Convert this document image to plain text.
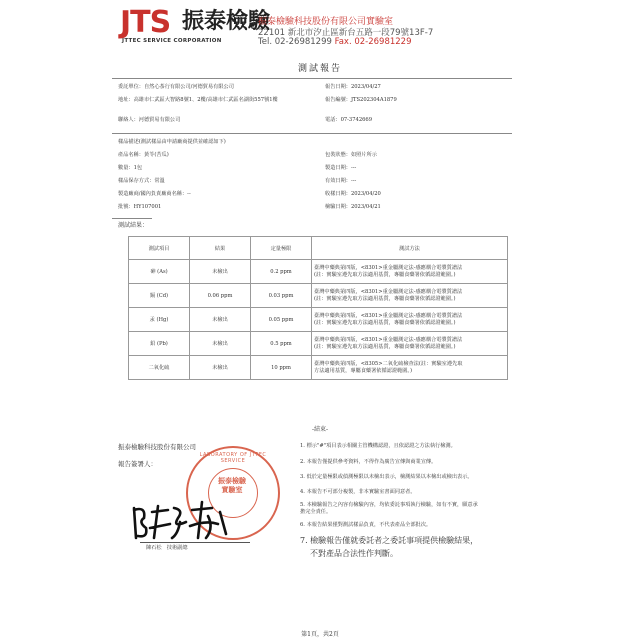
JTS 振泰檢驗
JTTEC SERVICE CORPORATION
振泰檢驗科技股份有限公司實驗室
22101 新北市汐止區新台五路一段79號13F-7
Tel. 02-26981299 Fax. 02-26981229
測試報告
委託單位：自然心茶行有限公司/河德貿易有限公司	報告日期：2023/04/27
地址：高雄市仁武區大智路8號1、2樓/高雄市仁武區名湖街557號1樓	報告編號：JTS202304A1879
聯絡人：河德貿易有限公司	電話：07-3742669
樣品描述(測試樣品由申請廠商提供並確認如下)
產品名稱：黃苓(苦瓜)	包裝狀態：如照片所示
數量：1包	製造日期：---
樣品保存方式：常溫	有效日期：---
製造廠商/國內負責廠商名稱：--	收樣日期：2023/04/20
批號：HY107001	檢驗日期：2023/04/21
測試結果：
測試項目	結果	定量極限	測試方法
砷 (As)	未檢出	0.2 ppm	臺灣中藥典第四版，<8301>重金屬測定法-感應耦合電漿質譜法
(註：實驗室遵先取方法適用基質，專屬食藥署依循認證範圍。)

鎘 (Cd)	0.06 ppm	0.03 ppm	臺灣中藥典第四版，<8301>重金屬測定法-感應耦合電漿質譜法
(註：實驗室遵先取方法適用基質，專屬食藥署依循認證範圍。)

汞 (Hg)	未檢出	0.05 ppm	臺灣中藥典第四版，<8301>重金屬測定法-感應耦合電漿質譜法
(註：實驗室遵先取方法適用基質，專屬食藥署依循認證範圍。)

鉛 (Pb)	未檢出	0.5 ppm	臺灣中藥典第四版，<8301>重金屬測定法-感應耦合電漿質譜法
(註：實驗室遵先取方法適用基質，專屬食藥署依循認證範圍。)

二氧化硫	未檢出	10 ppm	臺灣中藥典第四版，<8305>二氧化硫檢查法(註：實驗室遵先取
方法適用基質，專屬食藥署依循認證範圍。)
-結束-
振泰檢驗科技股份有限公司
報告簽署人：
LABORATORY OF JTTEC SERVICE
振泰檢驗
實驗室
陳石松　技術副總
1. 標示"#"項目表示相關主管機構認證，且依認證之方法執行檢測。
2. 本報告僅提供參考資料，不得作為廣告宣傳與商業宣傳。
3. 低於定量極限或偵測極限以未檢出表示，檢測結果以本檢出或檢出表示。
4. 本報告不可部分複製，非本實驗室書面同意者。
5. 本檢驗報告之內容有檢驗內容，均依委託事項執行檢驗，如有不實，願意承擔完全責任。
6. 本報告結果僅對測試樣品負責，不代表產品全部批次。
7. 檢驗報告僅就委託者之委託事項提供檢驗結果，
不對產品合法性作判斷。
第1頁，共2頁
